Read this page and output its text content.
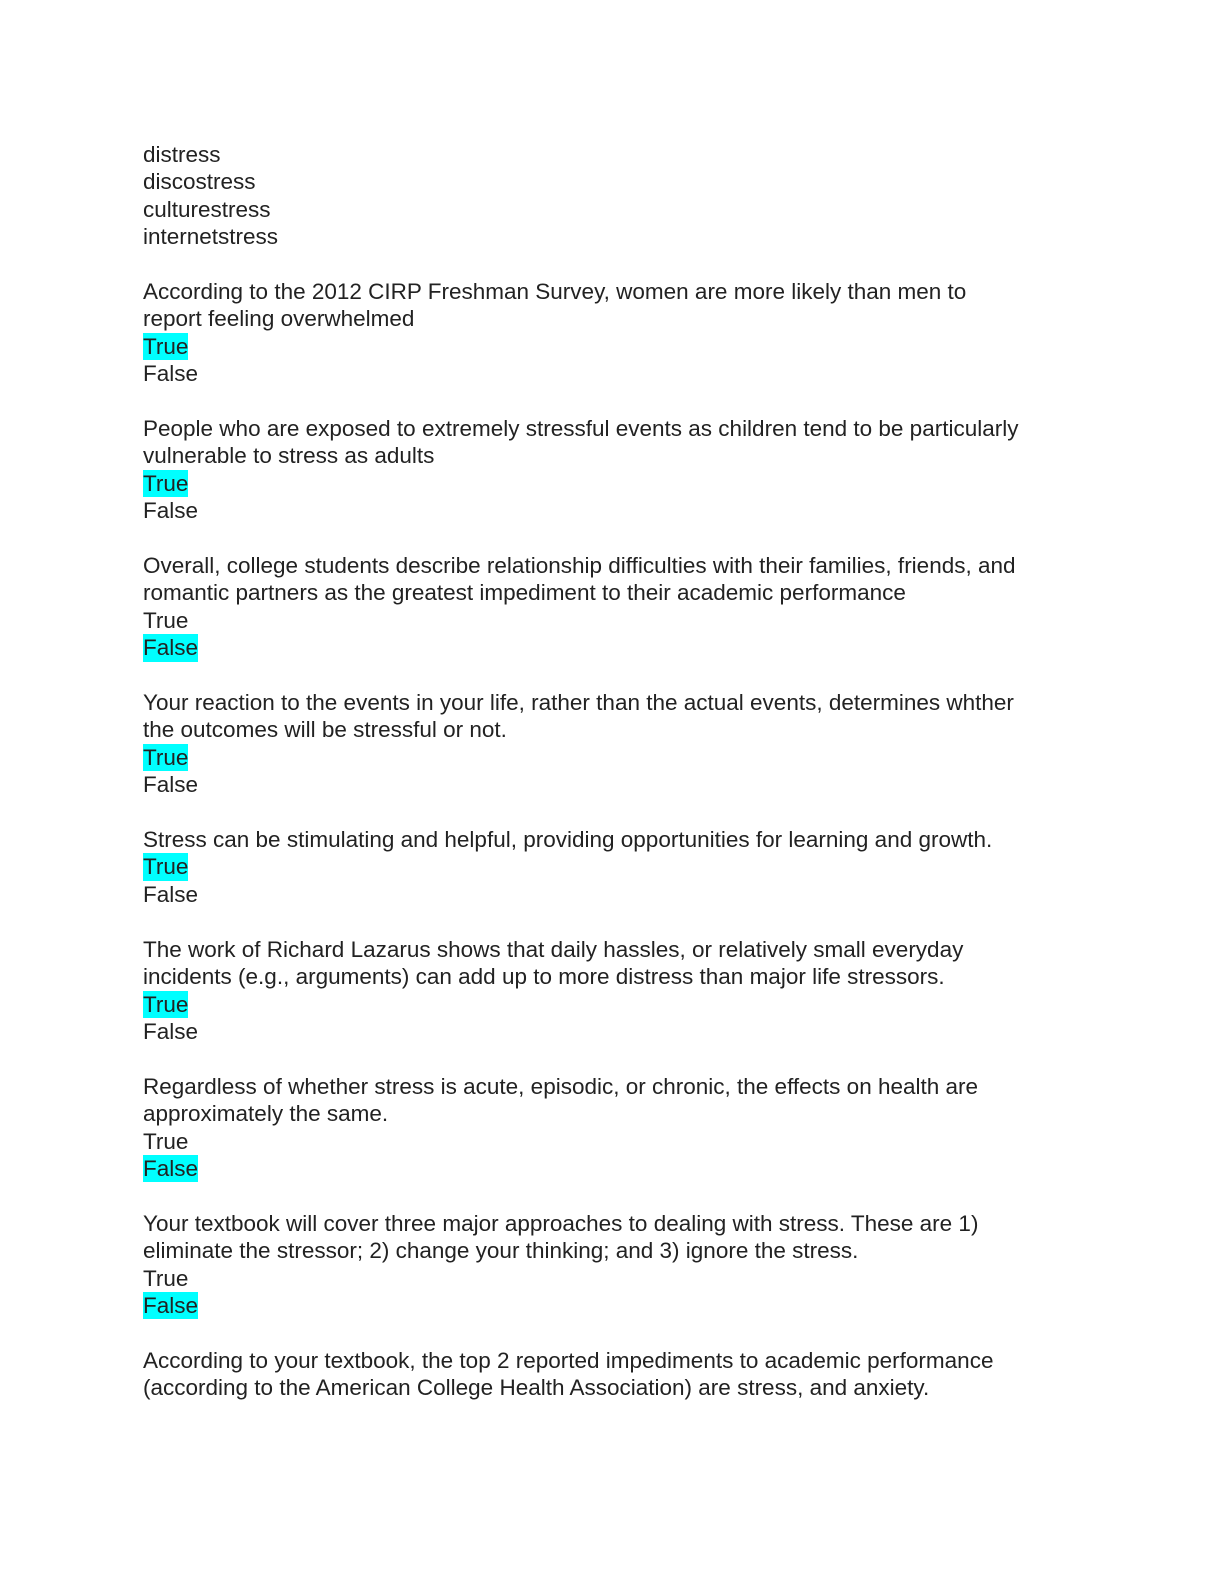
distress
discostress
culturestress
internetstress
According to the 2012 CIRP Freshman Survey, women are more likely than men to
report feeling overwhelmed
True
False
People who are exposed to extremely stressful events as children tend to be particularly
vulnerable to stress as adults
True
False
Overall, college students describe relationship difficulties with their families, friends, and
romantic partners as the greatest impediment to their academic performance
True
False
Your reaction to the events in your life, rather than the actual events, determines whther
the outcomes will be stressful or not.
True
False
Stress can be stimulating and helpful, providing opportunities for learning and growth.
True
False
The work of Richard Lazarus shows that daily hassles, or relatively small everyday
incidents (e.g., arguments) can add up to more distress than major life stressors.
True
False
Regardless of whether stress is acute, episodic, or chronic, the effects on health are
approximately the same.
True
False
Your textbook will cover three major approaches to dealing with stress. These are 1)
eliminate the stressor; 2) change your thinking; and 3) ignore the stress.
True
False
According to your textbook, the top 2 reported impediments to academic performance
(according to the American College Health Association) are stress, and anxiety.
